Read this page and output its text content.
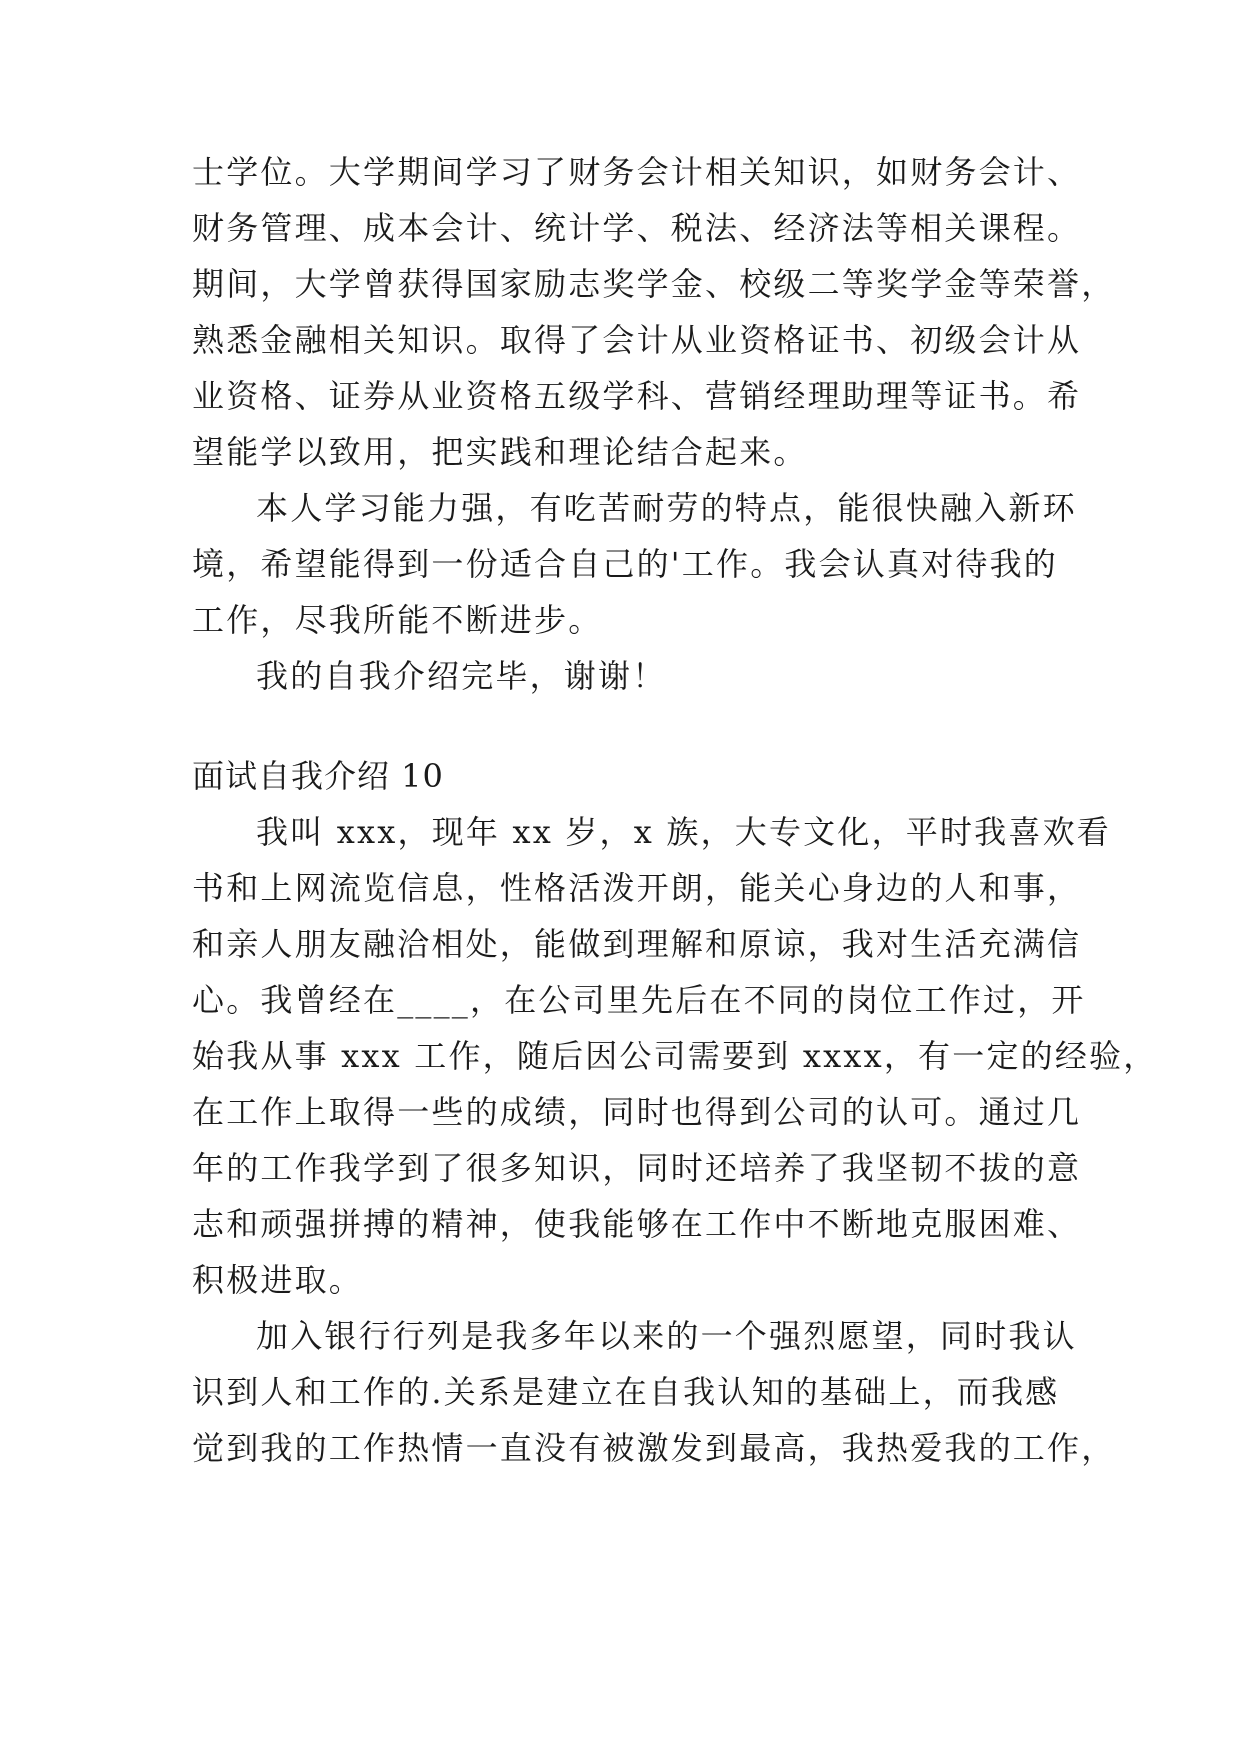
士学位。大学期间学习了财务会计相关知识，如财务会计、
财务管理、成本会计、统计学、税法、经济法等相关课程。
期间，大学曾获得国家励志奖学金、校级二等奖学金等荣誉，
熟悉金融相关知识。取得了会计从业资格证书、初级会计从
业资格、证券从业资格五级学科、营销经理助理等证书。希
望能学以致用，把实践和理论结合起来。
本人学习能力强，有吃苦耐劳的特点，能很快融入新环
境，希望能得到一份适合自己的'工作。我会认真对待我的
工作，尽我所能不断进步。
我的自我介绍完毕，谢谢！
面试自我介绍 10
我叫 xxx，现年 xx 岁，x 族，大专文化，平时我喜欢看
书和上网流览信息，性格活泼开朗，能关心身边的人和事，
和亲人朋友融洽相处，能做到理解和原谅，我对生活充满信
心。我曾经在____，在公司里先后在不同的岗位工作过，开
始我从事 xxx 工作，随后因公司需要到 xxxx，有一定的经验，
在工作上取得一些的成绩，同时也得到公司的认可。通过几
年的工作我学到了很多知识，同时还培养了我坚韧不拔的意
志和顽强拼搏的精神，使我能够在工作中不断地克服困难、
积极进取。
加入银行行列是我多年以来的一个强烈愿望，同时我认
识到人和工作的.关系是建立在自我认知的基础上，而我感
觉到我的工作热情一直没有被激发到最高，我热爱我的工作，
